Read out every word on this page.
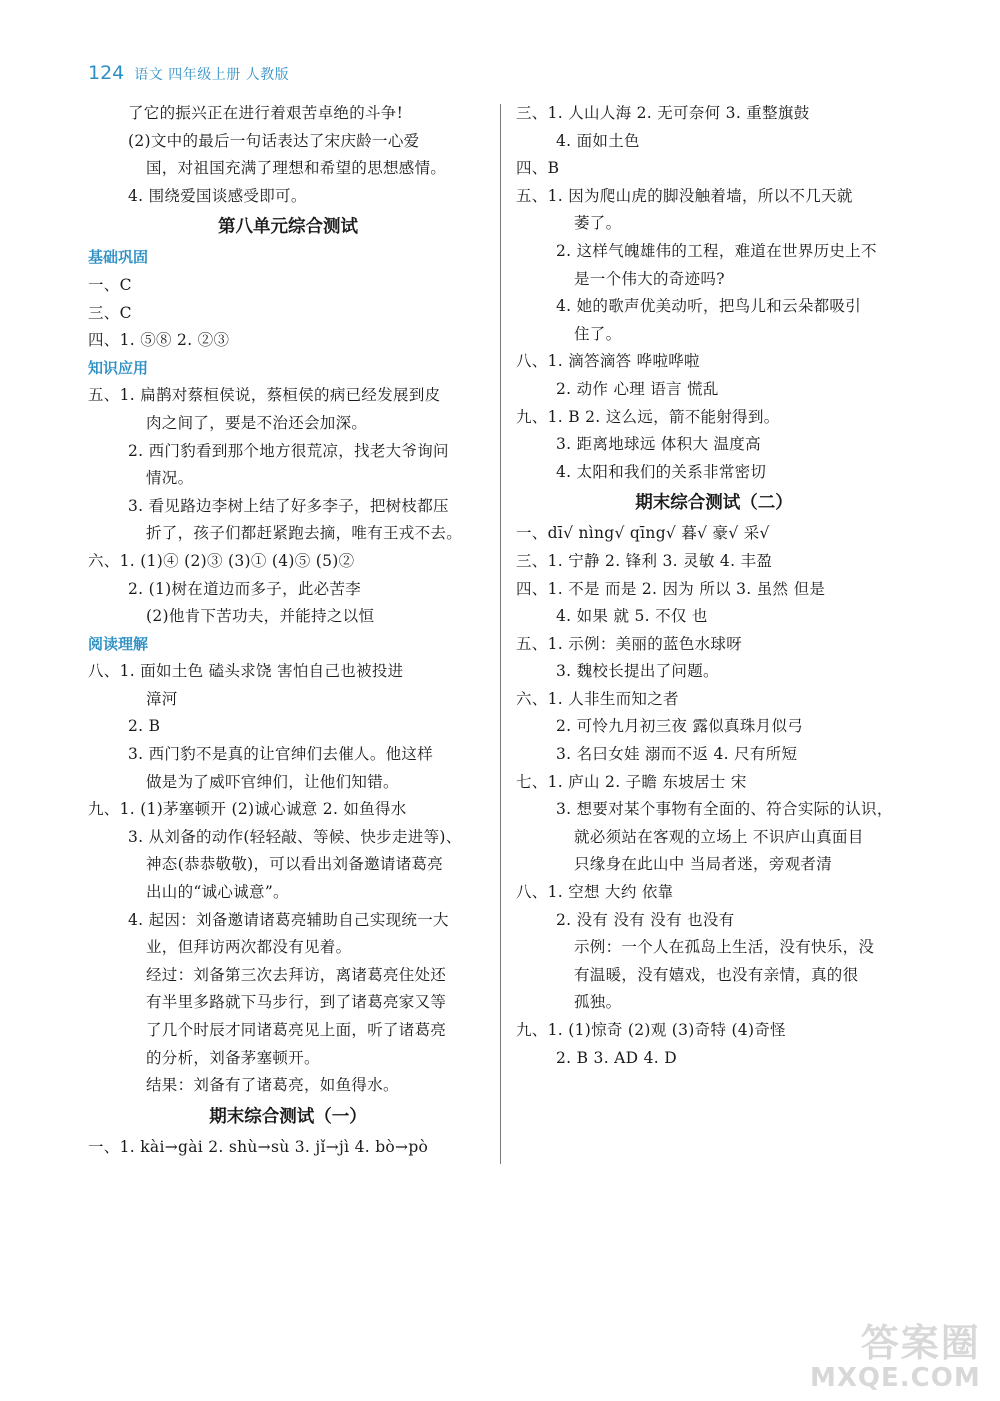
124 语文 四年级上册 人教版
了它的振兴正在进行着艰苦卓绝的斗争!
(2)文中的最后一句话表达了宋庆龄一心爱
国，对祖国充满了理想和希望的思想感情。
4. 围绕爱国谈感受即可。
第八单元综合测试
基础巩固
一、C
三、C
四、1. ⑤⑧ 2. ②③
知识应用
五、1. 扁鹊对蔡桓侯说，蔡桓侯的病已经发展到皮
肉之间了，要是不治还会加深。
2. 西门豹看到那个地方很荒凉，找老大爷询问
情况。
3. 看见路边李树上结了好多李子，把树枝都压
折了，孩子们都赶紧跑去摘，唯有王戎不去。
六、1. (1)④ (2)③ (3)① (4)⑤ (5)②
2. (1)树在道边而多子，此必苦李
(2)他肯下苦功夫，并能持之以恒
阅读理解
八、1. 面如土色 磕头求饶 害怕自己也被投进
漳河
2. B
3. 西门豹不是真的让官绅们去催人。他这样
做是为了威吓官绅们，让他们知错。
九、1. (1)茅塞顿开 (2)诚心诚意 2. 如鱼得水
3. 从刘备的动作(轻轻敲、等候、快步走进等)、
神态(恭恭敬敬)，可以看出刘备邀请诸葛亮
出山的“诚心诚意”。
4. 起因：刘备邀请诸葛亮辅助自己实现统一大
业，但拜访两次都没有见着。
经过：刘备第三次去拜访，离诸葛亮住处还
有半里多路就下马步行，到了诸葛亮家又等
了几个时辰才同诸葛亮见上面，听了诸葛亮
的分析，刘备茅塞顿开。
结果：刘备有了诸葛亮，如鱼得水。
期末综合测试（一）
一、1. kài→gài 2. shù→sù 3. jǐ→jì 4. bò→pò
三、1. 人山人海 2. 无可奈何 3. 重整旗鼓
4. 面如土色
四、B
五、1. 因为爬山虎的脚没触着墙，所以不几天就
萎了。
2. 这样气魄雄伟的工程，难道在世界历史上不
是一个伟大的奇迹吗?
4. 她的歌声优美动听，把鸟儿和云朵都吸引
住了。
八、1. 滴答滴答 哗啦哗啦
2. 动作 心理 语言 慌乱
九、1. B 2. 这么远，箭不能射得到。
3. 距离地球远 体积大 温度高
4. 太阳和我们的关系非常密切
期末综合测试（二）
一、dī√ nìng√ qīng√ 暮√ 豪√ 采√
三、1. 宁静 2. 锋利 3. 灵敏 4. 丰盈
四、1. 不是 而是 2. 因为 所以 3. 虽然 但是
4. 如果 就 5. 不仅 也
五、1. 示例：美丽的蓝色水球呀
3. 魏校长提出了问题。
六、1. 人非生而知之者
2. 可怜九月初三夜 露似真珠月似弓
3. 名曰女娃 溺而不返 4. 尺有所短
七、1. 庐山 2. 子瞻 东坡居士 宋
3. 想要对某个事物有全面的、符合实际的认识，
就必须站在客观的立场上 不识庐山真面目
只缘身在此山中 当局者迷，旁观者清
八、1. 空想 大约 依靠
2. 没有 没有 没有 也没有
示例：一个人在孤岛上生活，没有快乐，没
有温暖，没有嬉戏，也没有亲情，真的很
孤独。
九、1. (1)惊奇 (2)观 (3)奇特 (4)奇怪
2. B 3. AD 4. D
答案圈
MXQE.COM
